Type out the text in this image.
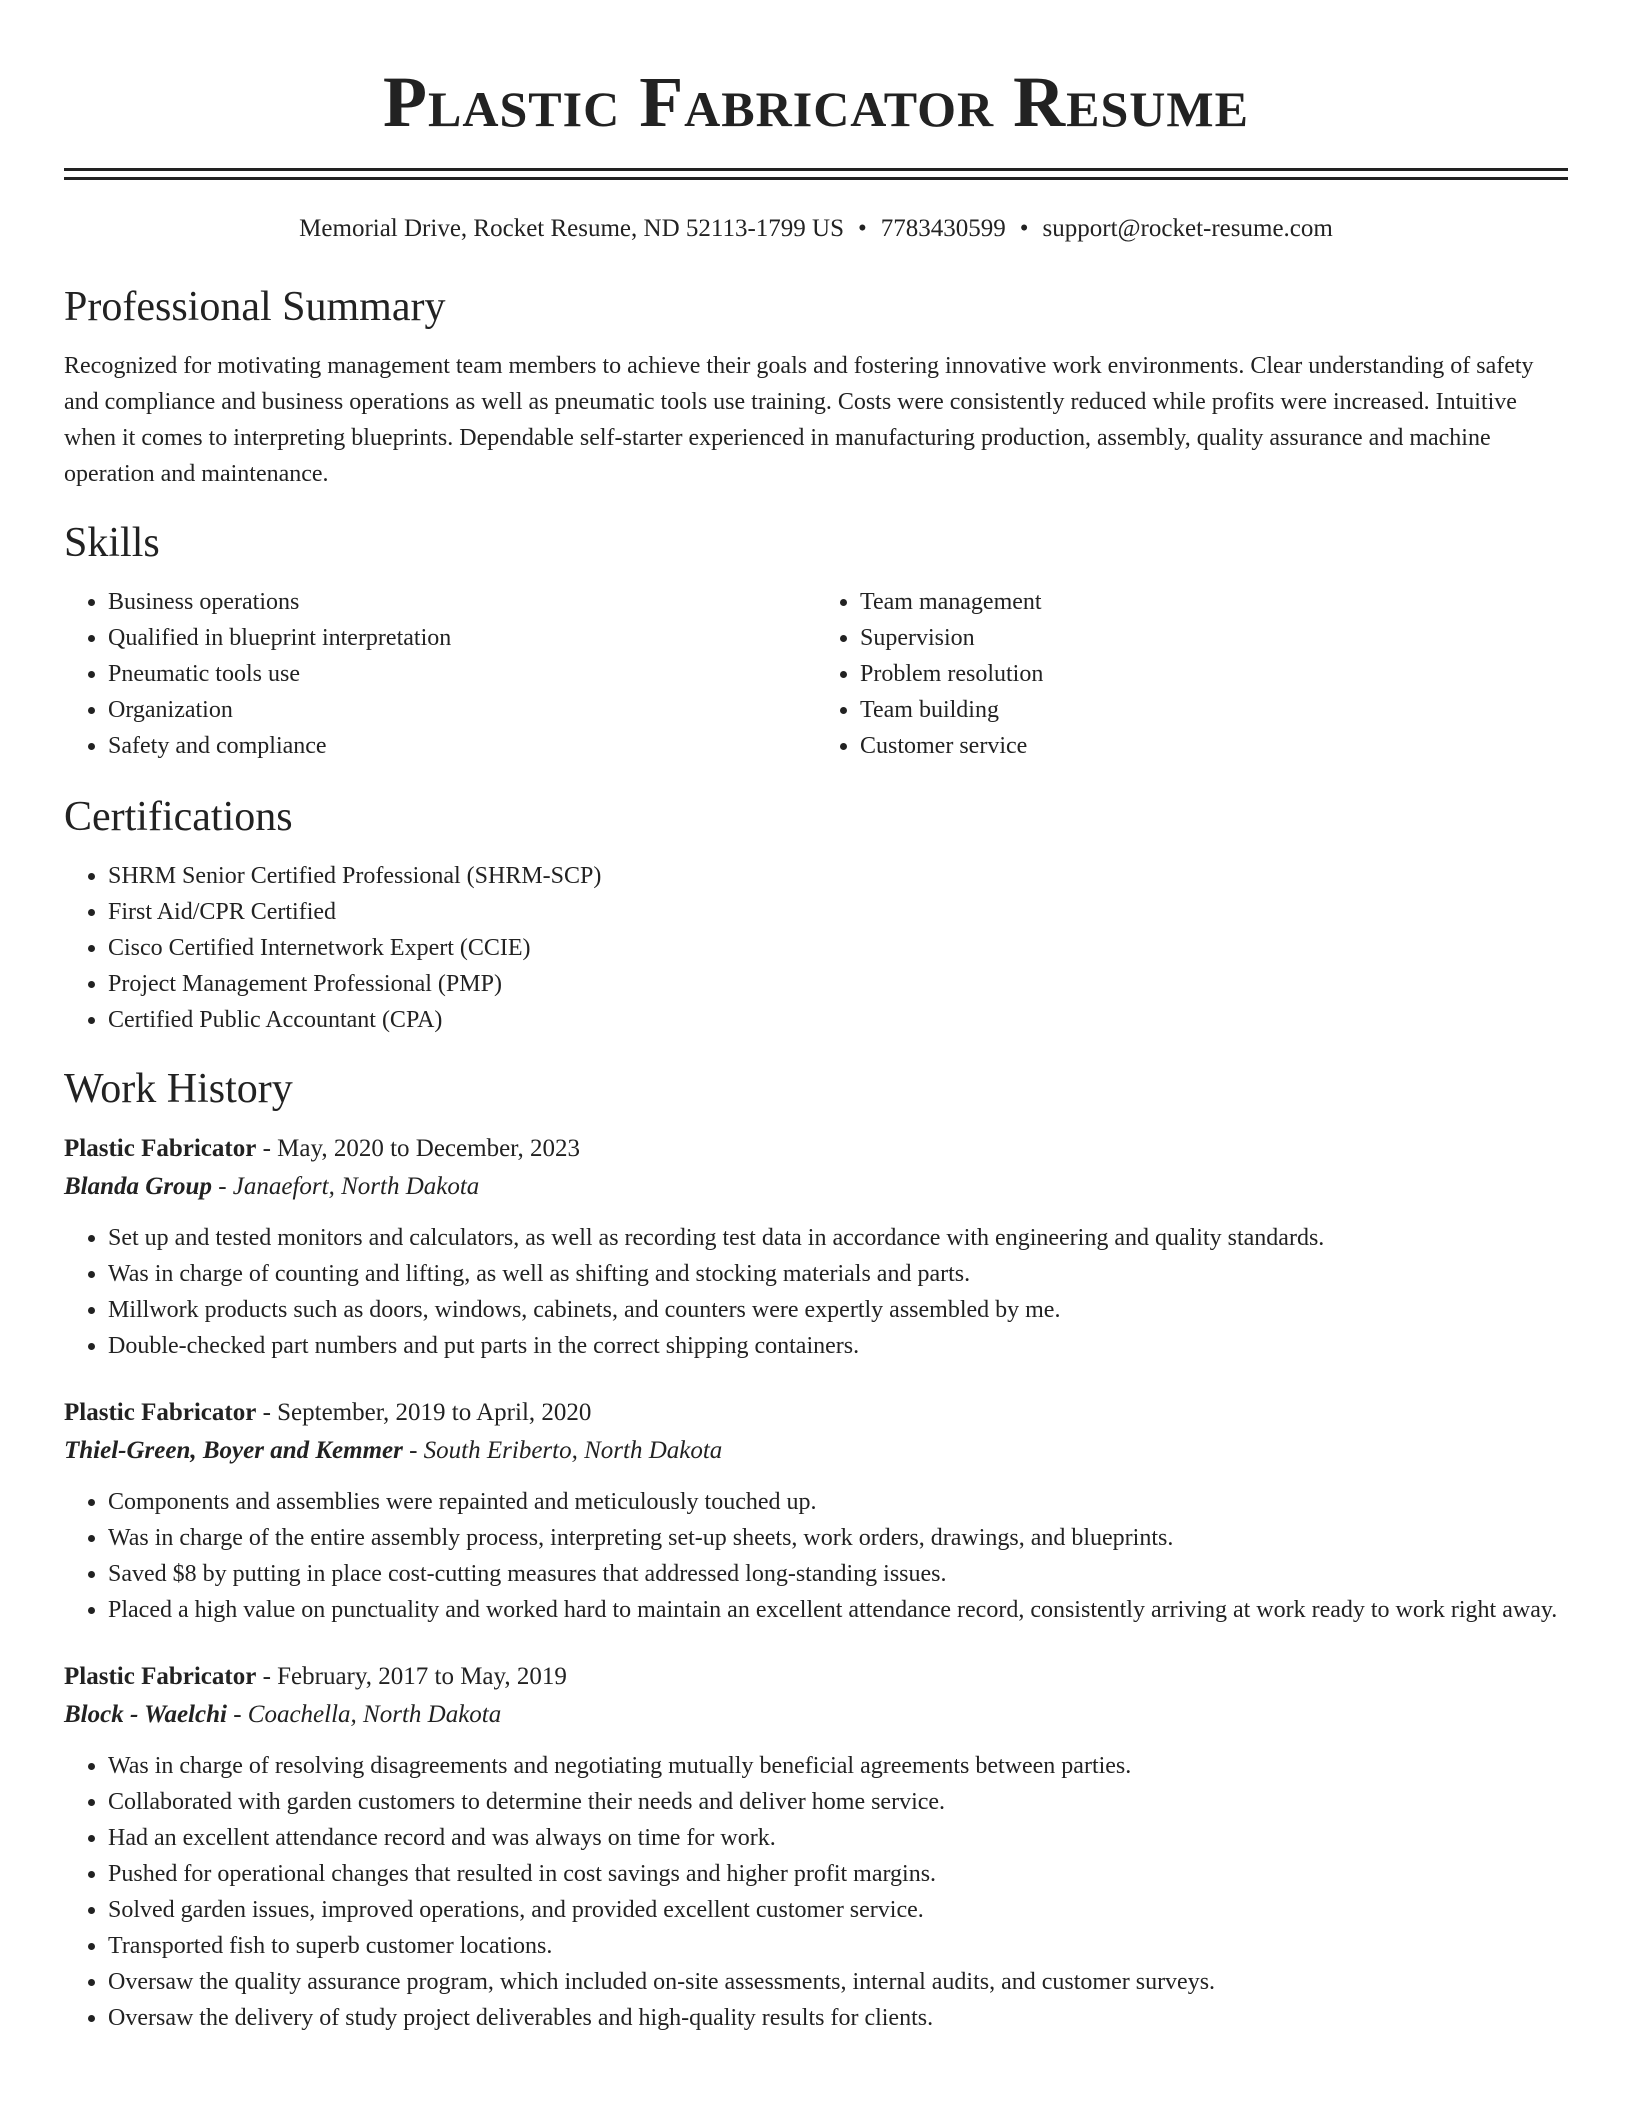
Plastic Fabricator Resume
Memorial Drive, Rocket Resume, ND 52113-1799 US • 7783430599 • support@rocket-resume.com
Professional Summary

Recognized for motivating management team members to achieve their goals and fostering innovative work environments. Clear understanding of safety and compliance and business operations as well as pneumatic tools use training. Costs were consistently reduced while profits were increased. Intuitive when it comes to interpreting blueprints. Dependable self-starter experienced in manufacturing production, assembly, quality assurance and machine operation and maintenance.

Skills
• Business operations
• Qualified in blueprint interpretation
• Pneumatic tools use
• Organization
• Safety and compliance
• Team management
• Supervision
• Problem resolution
• Team building
• Customer service
Certifications
• SHRM Senior Certified Professional (SHRM-SCP)
• First Aid/CPR Certified
• Cisco Certified Internetwork Expert (CCIE)
• Project Management Professional (PMP)
• Certified Public Accountant (CPA)
Work History
Plastic Fabricator - May, 2020 to December, 2023
Blanda Group - Janaefort, North Dakota
• Set up and tested monitors and calculators, as well as recording test data in accordance with engineering and quality standards.
• Was in charge of counting and lifting, as well as shifting and stocking materials and parts.
• Millwork products such as doors, windows, cabinets, and counters were expertly assembled by me.
• Double-checked part numbers and put parts in the correct shipping containers.
Plastic Fabricator - September, 2019 to April, 2020
Thiel-Green, Boyer and Kemmer - South Eriberto, North Dakota
• Components and assemblies were repainted and meticulously touched up.
• Was in charge of the entire assembly process, interpreting set-up sheets, work orders, drawings, and blueprints.
• Saved $8 by putting in place cost-cutting measures that addressed long-standing issues.
• Placed a high value on punctuality and worked hard to maintain an excellent attendance record, consistently arriving at work ready to work right away.
Plastic Fabricator - February, 2017 to May, 2019
Block - Waelchi - Coachella, North Dakota
• Was in charge of resolving disagreements and negotiating mutually beneficial agreements between parties.
• Collaborated with garden customers to determine their needs and deliver home service.
• Had an excellent attendance record and was always on time for work.
• Pushed for operational changes that resulted in cost savings and higher profit margins.
• Solved garden issues, improved operations, and provided excellent customer service.
• Transported fish to superb customer locations.
• Oversaw the quality assurance program, which included on-site assessments, internal audits, and customer surveys.
• Oversaw the delivery of study project deliverables and high-quality results for clients.
